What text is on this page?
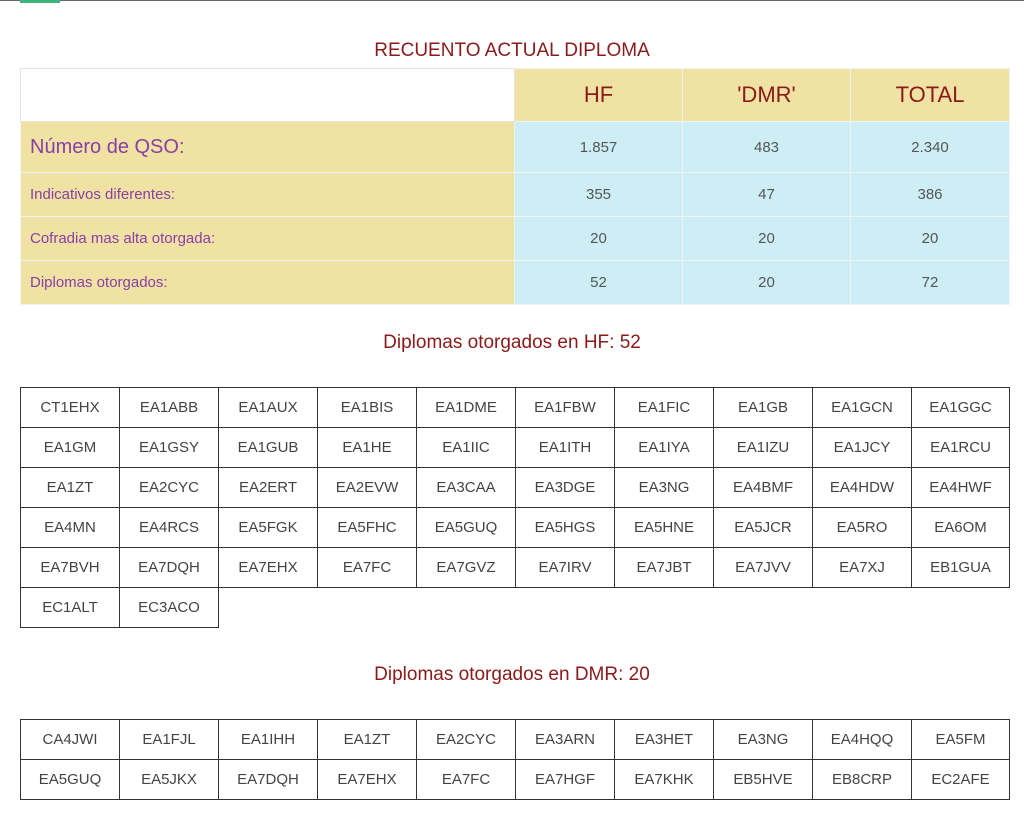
RECUENTO ACTUAL DIPLOMA
	HF	'DMR'	TOTAL
Número de QSO:	1.857	483	2.340
Indicativos diferentes:	355	47	386
Cofradia mas alta otorgada:	20	20	20
Diplomas otorgados:	52	20	72
Diplomas otorgados en HF: 52
CT1EHX	EA1ABB	EA1AUX	EA1BIS	EA1DME	EA1FBW	EA1FIC	EA1GB	EA1GCN	EA1GGC
EA1GM	EA1GSY	EA1GUB	EA1HE	EA1IIC	EA1ITH	EA1IYA	EA1IZU	EA1JCY	EA1RCU
EA1ZT	EA2CYC	EA2ERT	EA2EVW	EA3CAA	EA3DGE	EA3NG	EA4BMF	EA4HDW	EA4HWF
EA4MN	EA4RCS	EA5FGK	EA5FHC	EA5GUQ	EA5HGS	EA5HNE	EA5JCR	EA5RO	EA6OM
EA7BVH	EA7DQH	EA7EHX	EA7FC	EA7GVZ	EA7IRV	EA7JBT	EA7JVV	EA7XJ	EB1GUA
EC1ALT	EC3ACO								
Diplomas otorgados en DMR: 20
CA4JWI	EA1FJL	EA1IHH	EA1ZT	EA2CYC	EA3ARN	EA3HET	EA3NG	EA4HQQ	EA5FM
EA5GUQ	EA5JKX	EA7DQH	EA7EHX	EA7FC	EA7HGF	EA7KHK	EB5HVE	EB8CRP	EC2AFE
